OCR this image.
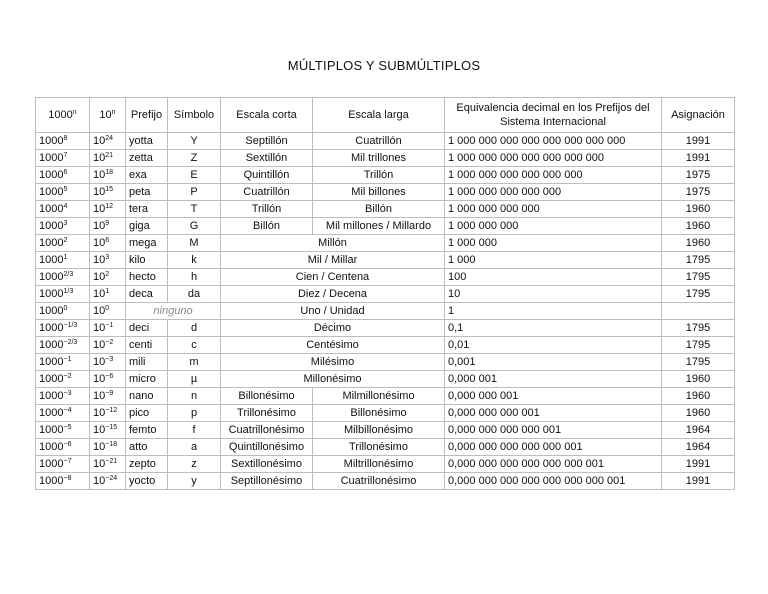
MÚLTIPLOS Y SUBMÚLTIPLOS
1000$^n$	10$^n$	Prefijo	Símbolo	Escala corta	Escala larga	Equivalencia decimal en los Prefijos del Sistema Internacional	Asignación
1000$^8$	$10^{24}$	yotta	Y	Septillón	Cuatrillón	1 000 000 000 000 000 000 000 000	1991
1000$^7$	$10^{21}$	zetta	Z	Sextillón	Mil trillones	1 000 000 000 000 000 000 000	1991
1000$^6$	$10^{18}$	exa	E	Quintillón	Trillón	1 000 000 000 000 000 000	1975
1000$^5$	$10^{15}$	peta	P	Cuatrillón	Mil billones	1 000 000 000 000 000	1975
1000$^4$	$10^{12}$	tera	T	Trillón	Billón	1 000 000 000 000	1960
1000$^3$	$10^9$	giga	G	Billón	Mil millones / Millardo	1 000 000 000	1960
1000$^2$	$10^6$	mega	M	Millón		1 000 000	1960
1000$^1$	$10^3$	kilo	k	Mil / Millar		1 000	1795
$1000^{2/3}$	$10^2$	hecto	h	Cien / Centena		100	1795
$1000^{1/3}$	$10^1$	deca	da	Diez / Decena		10	1795
1000$^0$	$10^0$	ninguno		Uno / Unidad		1	
$1000^{-1/3}$	$10^{-1}$	deci	d	Décimo		0,1	1795
$1000^{-2/3}$	$10^{-2}$	centi	c	Centésimo		0,01	1795
$1000^{-1}$	$10^{-3}$	mili	m	Milésimo		0,001	1795
$1000^{-2}$	$10^{-6}$	micro	µ	Millonésimo		0,000 001	1960
$1000^{-3}$	$10^{-9}$	nano	n	Billonésimo	Milmillonésimo	0,000 000 001	1960
$1000^{-4}$	$10^{-12}$	pico	p	Trillonésimo	Billonésimo	0,000 000 000 001	1960
$1000^{-5}$	$10^{-15}$	femto	f	Cuatrillonésimo	Milbillonésimo	0,000 000 000 000 001	1964
$1000^{-6}$	$10^{-18}$	atto	a	Quintillonésimo	Trillonésimo	0,000 000 000 000 000 001	1964
$1000^{-7}$	$10^{-21}$	zepto	z	Sextillonésimo	Miltrillonésimo	0,000 000 000 000 000 000 001	1991
$1000^{-8}$	$10^{-24}$	yocto	y	Septillonésimo	Cuatrillonésimo	0,000 000 000 000 000 000 000 001	1991
